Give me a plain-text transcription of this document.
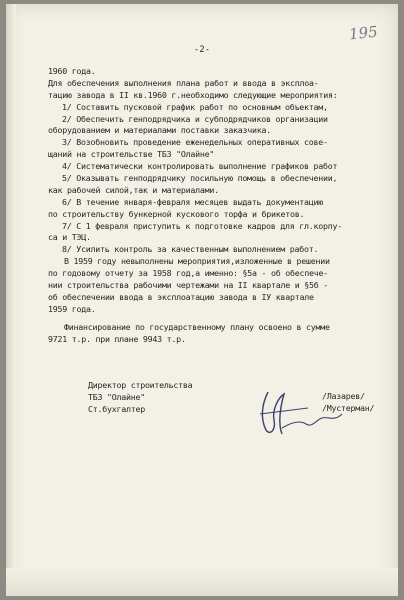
195
-2-
1960 года.
Для обеспечения выполнения плана работ и ввода в эксплоа-
тацию завода в II кв.1960 г.необходимо следующие мероприятия:
1/ Составить пусковой график работ по основным объектам,
2/ Обеспечить генподрядчика и субподрядчиков организации
оборудованием и материалами поставки заказчика.
3/ Возобновить проведение еженедельных оперативных сове-
щаний на строительстве ТБЗ "Олайне"
4/ Систематически контролировать выполнение графиков работ
5/ Оказывать генподрядчику посильную помощь в обеспечении,
как рабочей силой,так и материалами.
6/ В течение января-февраля месяцев выдать документацию
по строительству бункерной кускового торфа и брикетов.
7/ С 1 февраля приступить к подготовке кадров для гл.корпу-
са и ТЭЦ.
8/ Усилить контроль за качественным выполнением работ.
В 1959 году невыполнены мероприятия,изложенные в решении
по годовому отчету за 1958 год,а именно: §5а - об обеспече-
нии строительства рабочими чертежами на II квартале и §5б -
об обеспечении ввода в эксплоатацию завода в IУ квартале
1959 года.
Финансирование по государственному плану освоено в сумме
9721 т.р. при плане 9943 т.р.
Директор строительства
ТБЗ "Олайне"
Ст.бухгалтер
/Лазарев/
/Мустерман/
